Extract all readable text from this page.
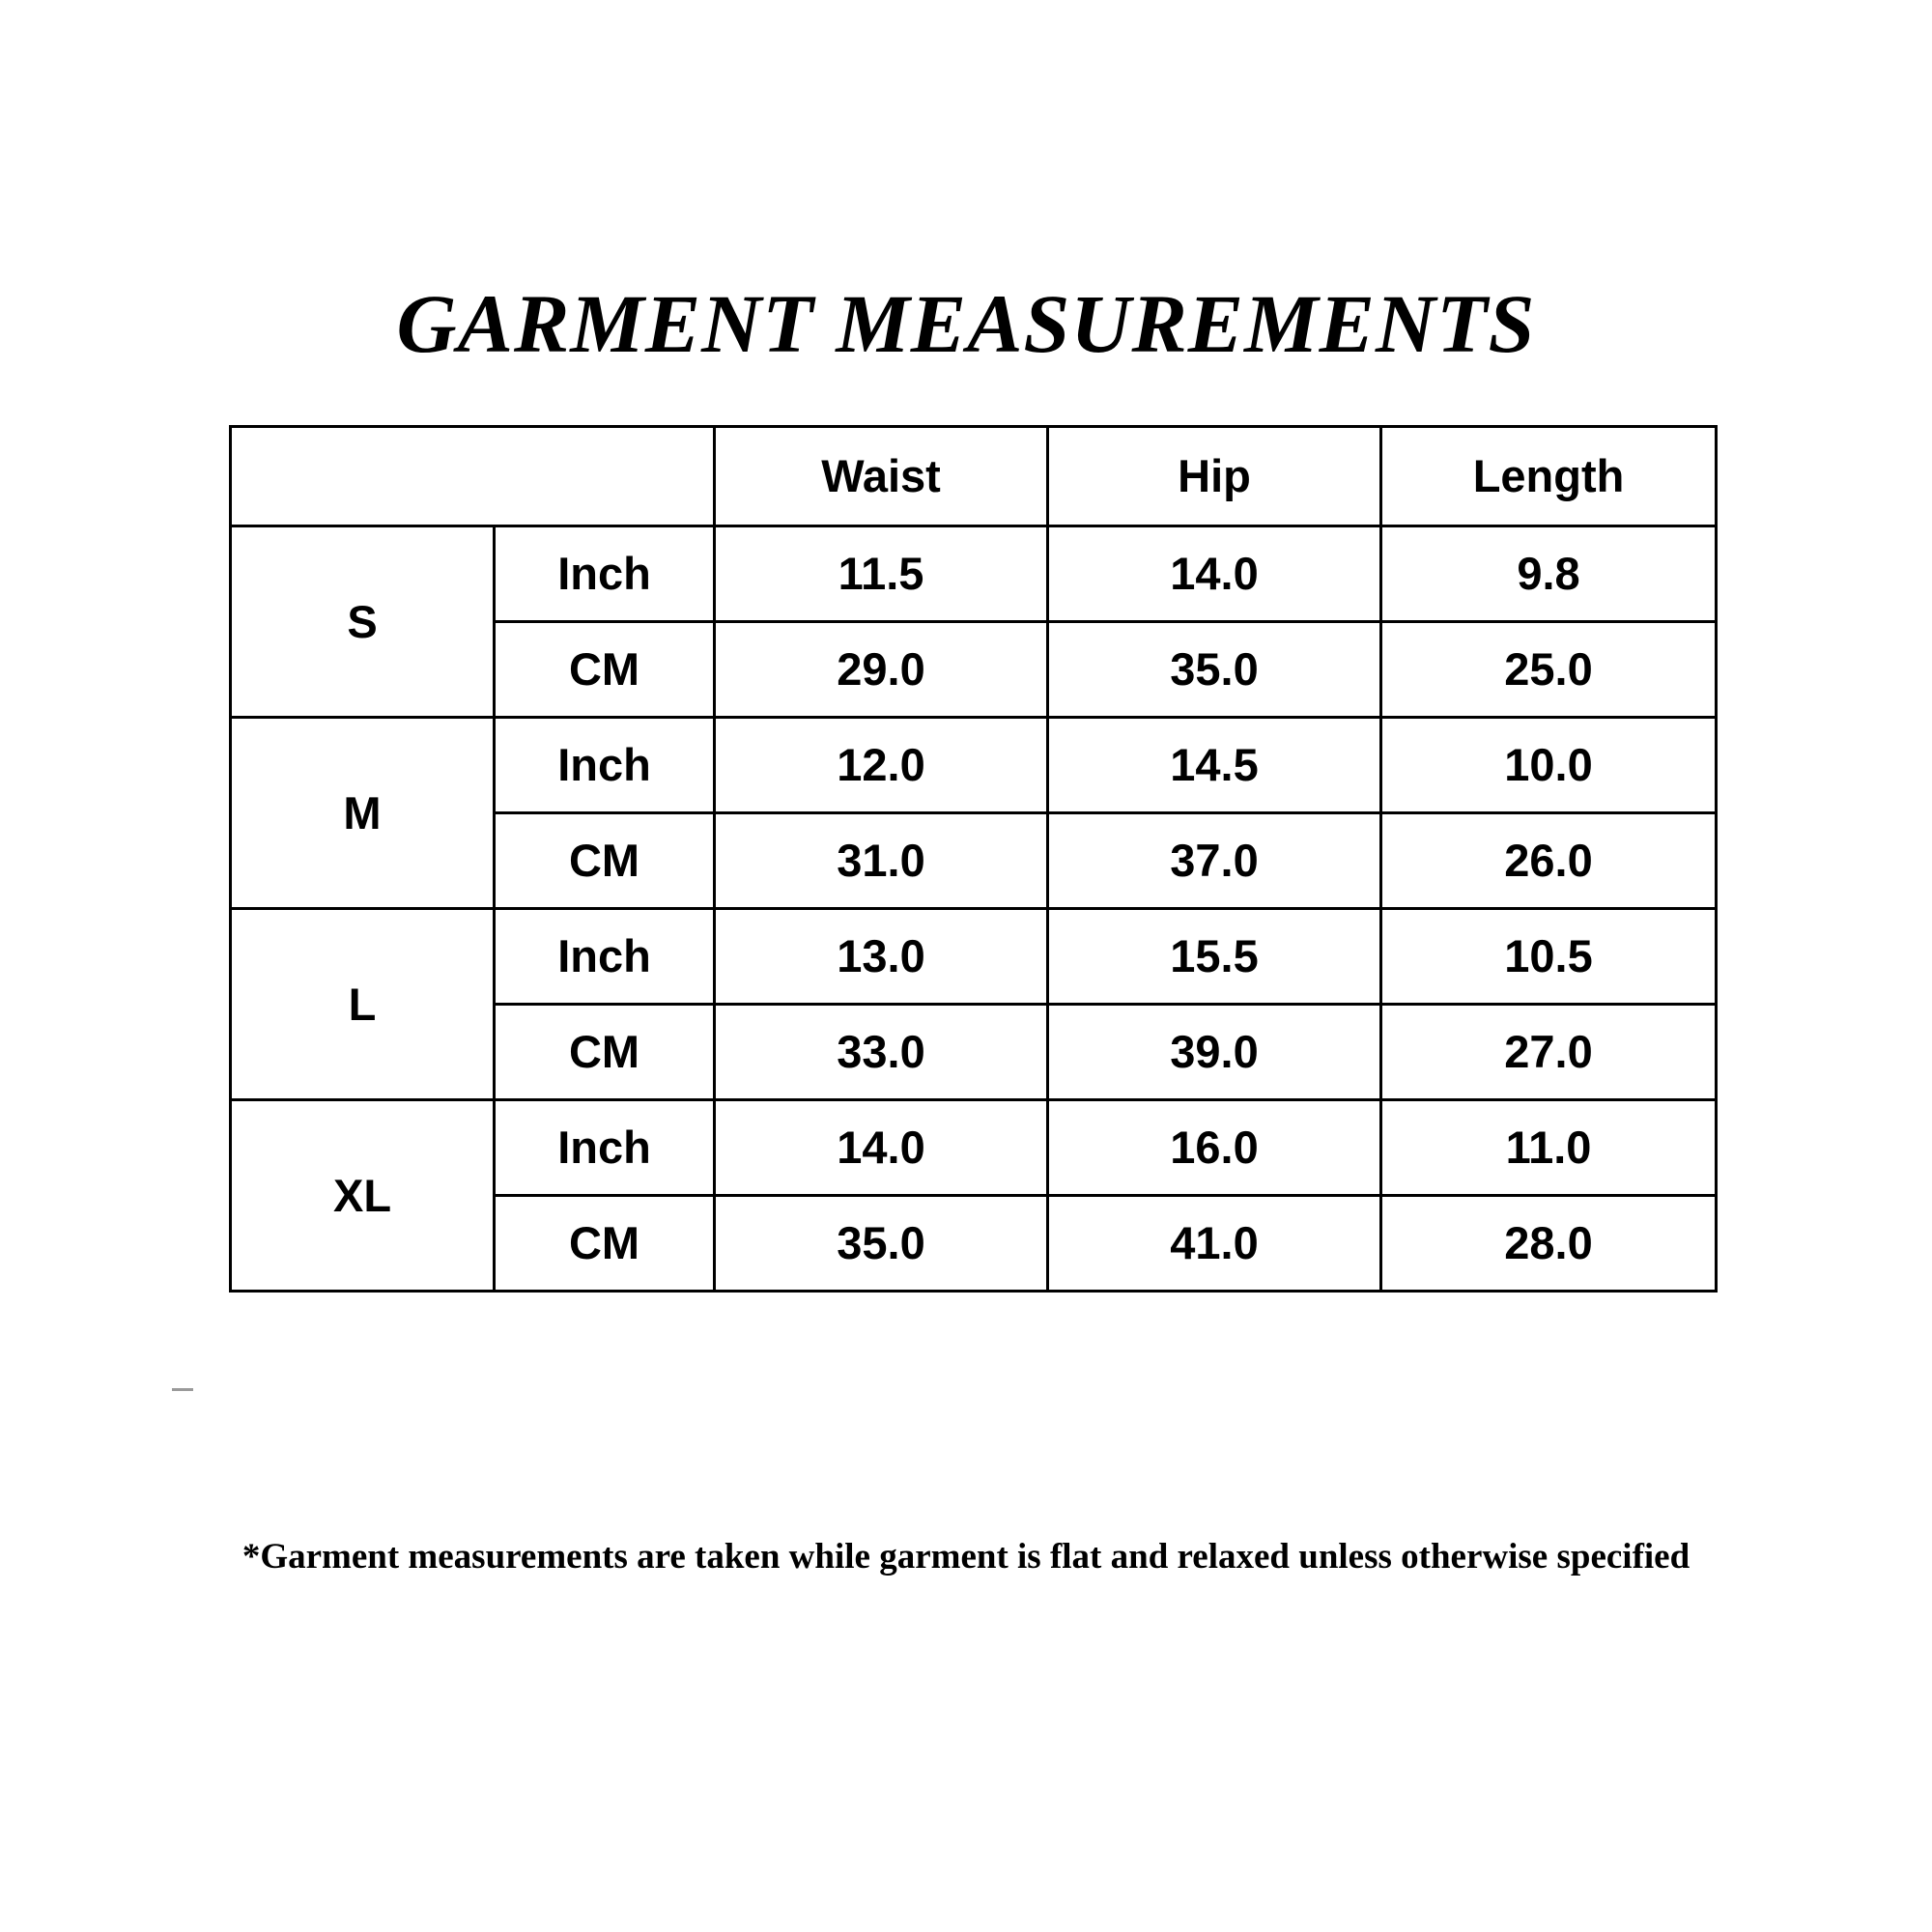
GARMENT MEASUREMENTS
Unit: $\frac{\text{Inch}}{CM}$		Waist	Hip	Length
S	Inch	11.5	14.0	9.8
	CM	29.0	35.0	25.0
M	Inch	12.0	14.5	10.0
	CM	31.0	37.0	26.0
L	Inch	13.0	15.5	10.5
	CM	33.0	39.0	27.0
XL	Inch	14.0	16.0	11.0
	CM	35.0	41.0	28.0
*Garment measurements are taken while garment is flat and relaxed unless otherwise specified
